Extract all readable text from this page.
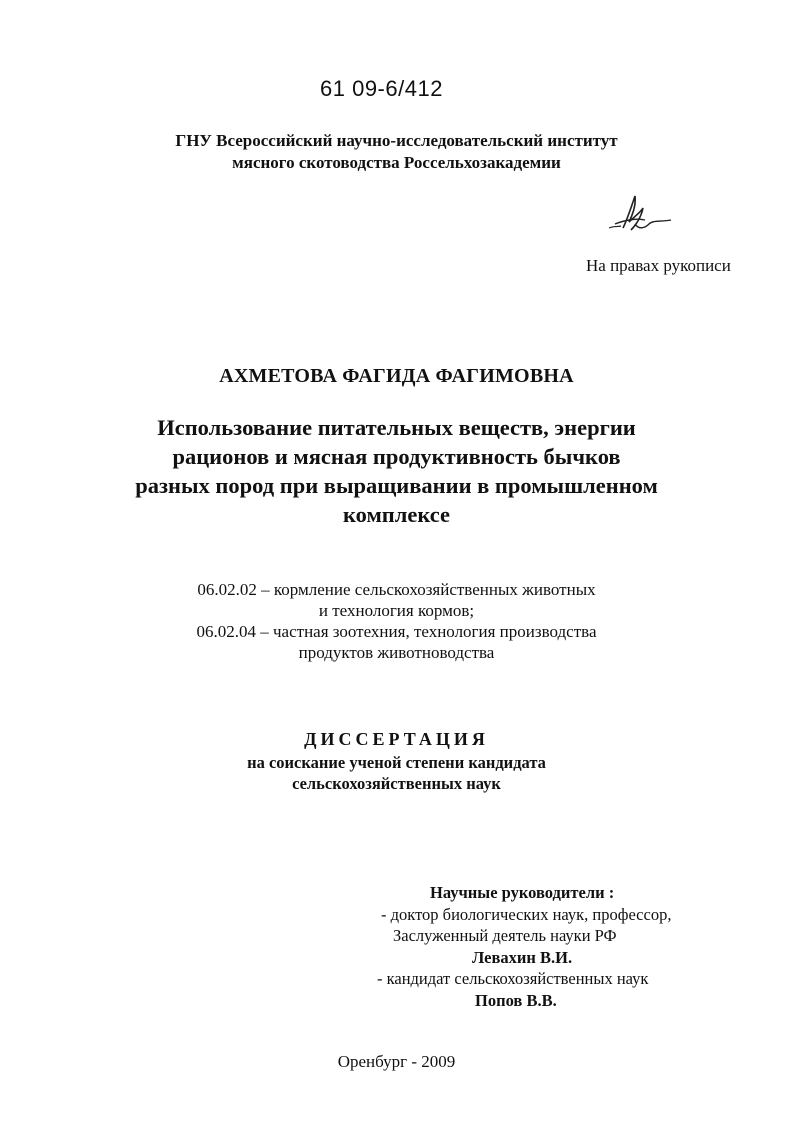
61 09-6/412
ГНУ Всероссийский научно-исследовательский институт
мясного скотоводства Россельхозакадемии
На правах рукописи
АХМЕТОВА ФАГИДА ФАГИМОВНА
Использование питательных веществ, энергии
рационов и мясная продуктивность бычков
разных пород при выращивании в промышленном
комплексе
06.02.02 – кормление сельскохозяйственных животных
и технология кормов;
06.02.04 – частная зоотехния, технология производства
продуктов животноводства
ДИССЕРТАЦИЯ
на соискание ученой степени кандидата
сельскохозяйственных наук
Научные руководители :
- доктор биологических наук, профессор,
Заслуженный деятель науки РФ
Левахин В.И.
- кандидат сельскохозяйственных наук
Попов В.В.
Оренбург - 2009
